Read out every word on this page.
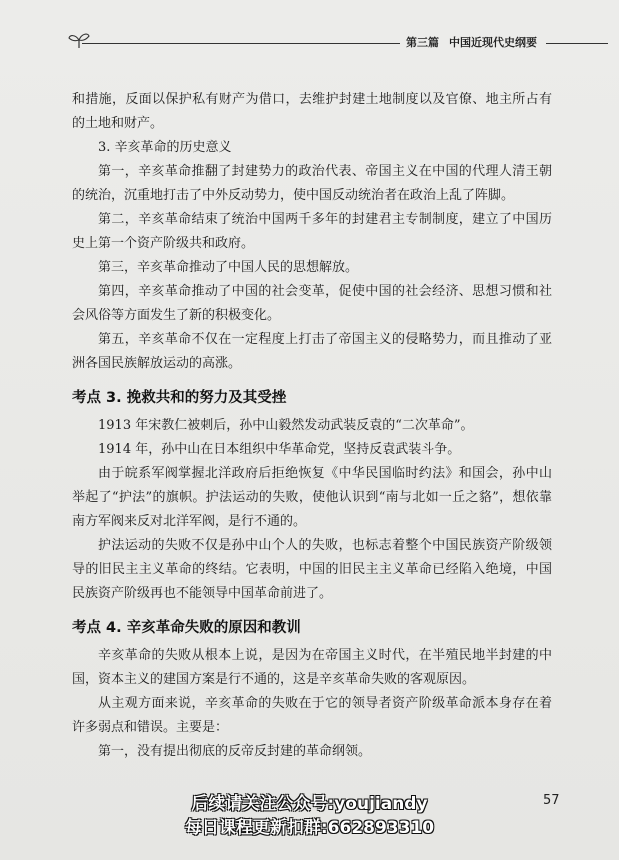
第三篇 中国近现代史纲要

和措施，反面以保护私有财产为借口，去维护封建土地制度以及官僚、地主所占有的土地和财产。

3. 辛亥革命的历史意义

第一，辛亥革命推翻了封建势力的政治代表、帝国主义在中国的代理人清王朝的统治，沉重地打击了中外反动势力，使中国反动统治者在政治上乱了阵脚。

第二，辛亥革命结束了统治中国两千多年的封建君主专制制度，建立了中国历史上第一个资产阶级共和政府。

第三，辛亥革命推动了中国人民的思想解放。

第四，辛亥革命推动了中国的社会变革，促使中国的社会经济、思想习惯和社会风俗等方面发生了新的积极变化。

第五，辛亥革命不仅在一定程度上打击了帝国主义的侵略势力，而且推动了亚洲各国民族解放运动的高涨。

考点 3. 挽救共和的努力及其受挫

1913 年宋教仁被刺后，孙中山毅然发动武装反袁的“二次革命”。

1914 年，孙中山在日本组织中华革命党，坚持反袁武装斗争。

由于皖系军阀掌握北洋政府后拒绝恢复《中华民国临时约法》和国会，孙中山举起了“护法”的旗帜。护法运动的失败，使他认识到“南与北如一丘之貉”，想依靠南方军阀来反对北洋军阀，是行不通的。

护法运动的失败不仅是孙中山个人的失败，也标志着整个中国民族资产阶级领导的旧民主主义革命的终结。它表明，中国的旧民主主义革命已经陷入绝境，中国民族资产阶级再也不能领导中国革命前进了。

考点 4. 辛亥革命失败的原因和教训

辛亥革命的失败从根本上说，是因为在帝国主义时代，在半殖民地半封建的中国，资本主义的建国方案是行不通的，这是辛亥革命失败的客观原因。

从主观方面来说，辛亥革命的失败在于它的领导者资产阶级革命派本身存在着许多弱点和错误。主要是：

第一，没有提出彻底的反帝反封建的革命纲领。

后续请关注公众号:youjiandy
每日课程更新扣群:662893310
57
